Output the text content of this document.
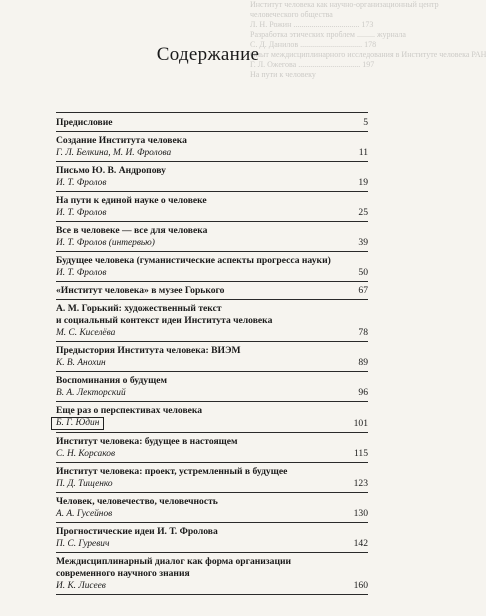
Институт человека как научно-организационный центр
человеческого общества
Л. Н. Рожин ................................. 173
Разработка этических проблем ......... журнала
С. Д. Данилов ............................... 178
Опыт междисциплинарного исследования в Институте человека РАН
Г. Л. Ожегова ............................... 197
На пути к человеку
Содержание
Предисловие	5
Создание Института человека
Г. Л. Белкина, М. И. Фролова	11
Письмо Ю. В. Андропову
И. Т. Фролов	19
На пути к единой науке о человеке
И. Т. Фролов	25
Все в человеке — все для человека
И. Т. Фролов (интервью)	39
Будущее человека (гуманистические аспекты прогресса науки)
И. Т. Фролов	50
«Институт человека» в музее Горького	67
А. М. Горький: художественный текст
и социальный контекст идеи Института человека
М. С. Киселёва	78
Предыстория Института человека: ВИЭМ
К. В. Анохин	89
Воспоминания о будущем
В. А. Лекторский	96
Еще раз о перспективах человека
Б. Г. Юдин	101
Институт человека: будущее в настоящем
С. Н. Корсаков	115
Институт человека: проект, устремленный в будущее
П. Д. Тищенко	123
Человек, человечество, человечность
А. А. Гусейнов	130
Прогностические идеи И. Т. Фролова
П. С. Гуревич	142
Междисциплинарный диалог как форма организации
современного научного знания
И. К. Лисеев	160
